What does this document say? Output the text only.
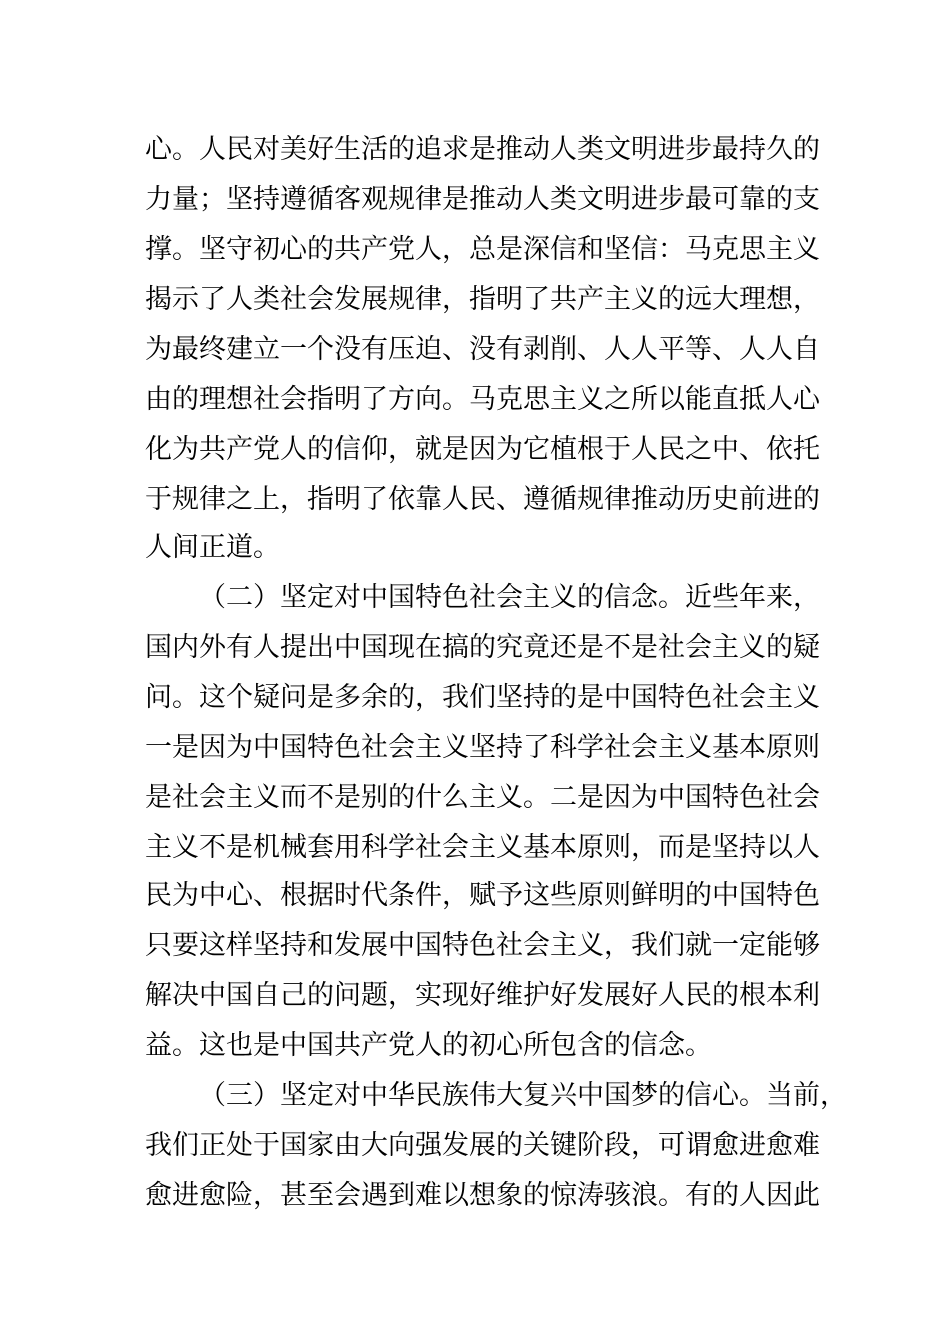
心。人民对美好生活的追求是推动人类文明进步最持久的
力量；坚持遵循客观规律是推动人类文明进步最可靠的支
撑。坚守初心的共产党人，总是深信和坚信：马克思主义
揭示了人类社会发展规律，指明了共产主义的远大理想，
为最终建立一个没有压迫、没有剥削、人人平等、人人自
由的理想社会指明了方向。马克思主义之所以能直抵人心
化为共产党人的信仰，就是因为它植根于人民之中、依托
于规律之上，指明了依靠人民、遵循规律推动历史前进的
人间正道。
（二）坚定对中国特色社会主义的信念。近些年来，
国内外有人提出中国现在搞的究竟还是不是社会主义的疑
问。这个疑问是多余的，我们坚持的是中国特色社会主义
一是因为中国特色社会主义坚持了科学社会主义基本原则
是社会主义而不是别的什么主义。二是因为中国特色社会
主义不是机械套用科学社会主义基本原则，而是坚持以人
民为中心、根据时代条件，赋予这些原则鲜明的中国特色
只要这样坚持和发展中国特色社会主义，我们就一定能够
解决中国自己的问题，实现好维护好发展好人民的根本利
益。这也是中国共产党人的初心所包含的信念。
（三）坚定对中华民族伟大复兴中国梦的信心。当前，
我们正处于国家由大向强发展的关键阶段，可谓愈进愈难
愈进愈险，甚至会遇到难以想象的惊涛骇浪。有的人因此
